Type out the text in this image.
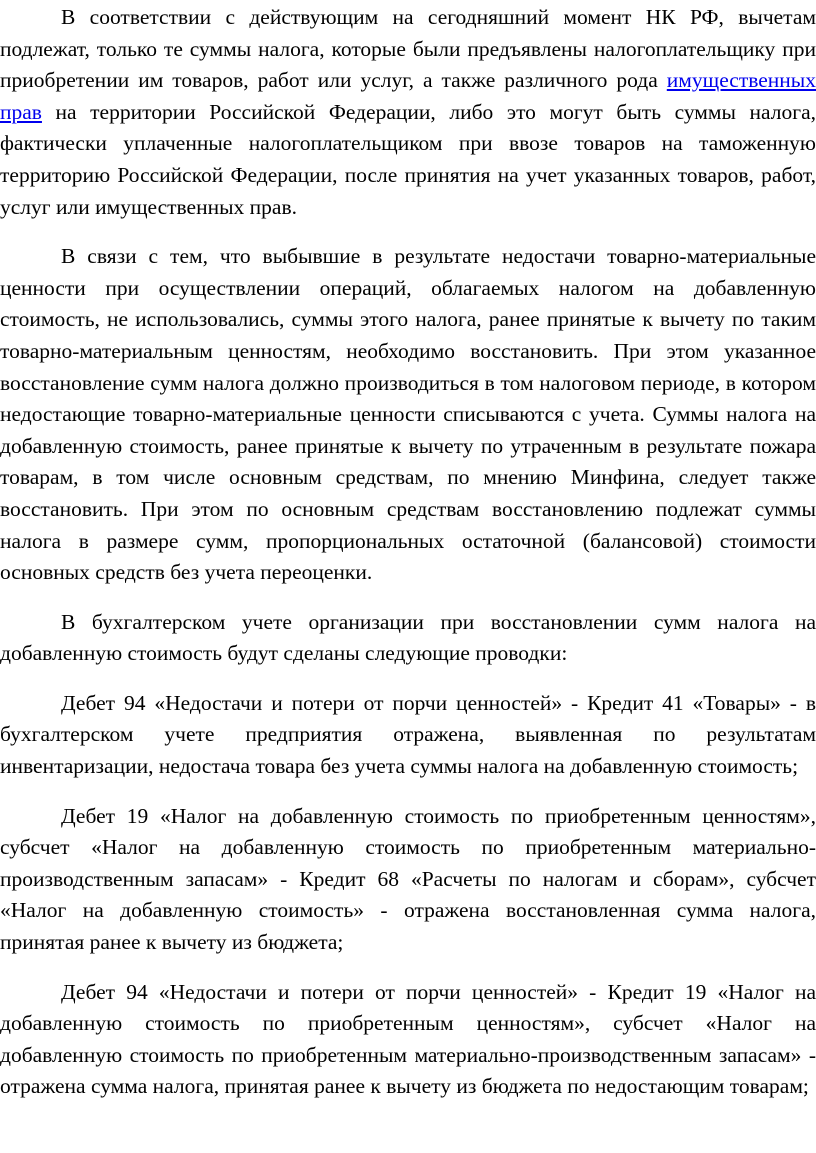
В соответствии с действующим на сегодняшний момент НК РФ, вычетам подлежат, только те суммы налога, которые были предъявлены налогоплательщику при приобретении им товаров, работ или услуг, а также различного рода имущественных прав на территории Российской Федерации, либо это могут быть суммы налога, фактически уплаченные налогоплательщиком при ввозе товаров на таможенную территорию Российской Федерации, после принятия на учет указанных товаров, работ, услуг или имущественных прав.

В связи с тем, что выбывшие в результате недостачи товарно-материальные ценности при осуществлении операций, облагаемых налогом на добавленную стоимость, не использовались, суммы этого налога, ранее принятые к вычету по таким товарно-материальным ценностям, необходимо восстановить. При этом указанное восстановление сумм налога должно производиться в том налоговом периоде, в котором недостающие товарно-материальные ценности списываются с учета. Суммы налога на добавленную стоимость, ранее принятые к вычету по утраченным в результате пожара товарам, в том числе основным средствам, по мнению Минфина, следует также восстановить. При этом по основным средствам восстановлению подлежат суммы налога в размере сумм, пропорциональных остаточной (балансовой) стоимости основных средств без учета переоценки.

В бухгалтерском учете организации при восстановлении сумм налога на добавленную стоимость будут сделаны следующие проводки:

Дебет 94 «Недостачи и потери от порчи ценностей» - Кредит 41 «Товары» - в бухгалтерском учете предприятия отражена, выявленная по результатам инвентаризации, недостача товара без учета суммы налога на добавленную стоимость;

Дебет 19 «Налог на добавленную стоимость по приобретенным ценностям», субсчет «Налог на добавленную стоимость по приобретенным материально-производственным запасам» - Кредит 68 «Расчеты по налогам и сборам», субсчет «Налог на добавленную стоимость» - отражена восстановленная сумма налога, принятая ранее к вычету из бюджета;

Дебет 94 «Недостачи и потери от порчи ценностей» - Кредит 19 «Налог на добавленную стоимость по приобретенным ценностям», субсчет «Налог на добавленную стоимость по приобретенным материально-производственным запасам» - отражена сумма налога, принятая ранее к вычету из бюджета по недостающим товарам;
